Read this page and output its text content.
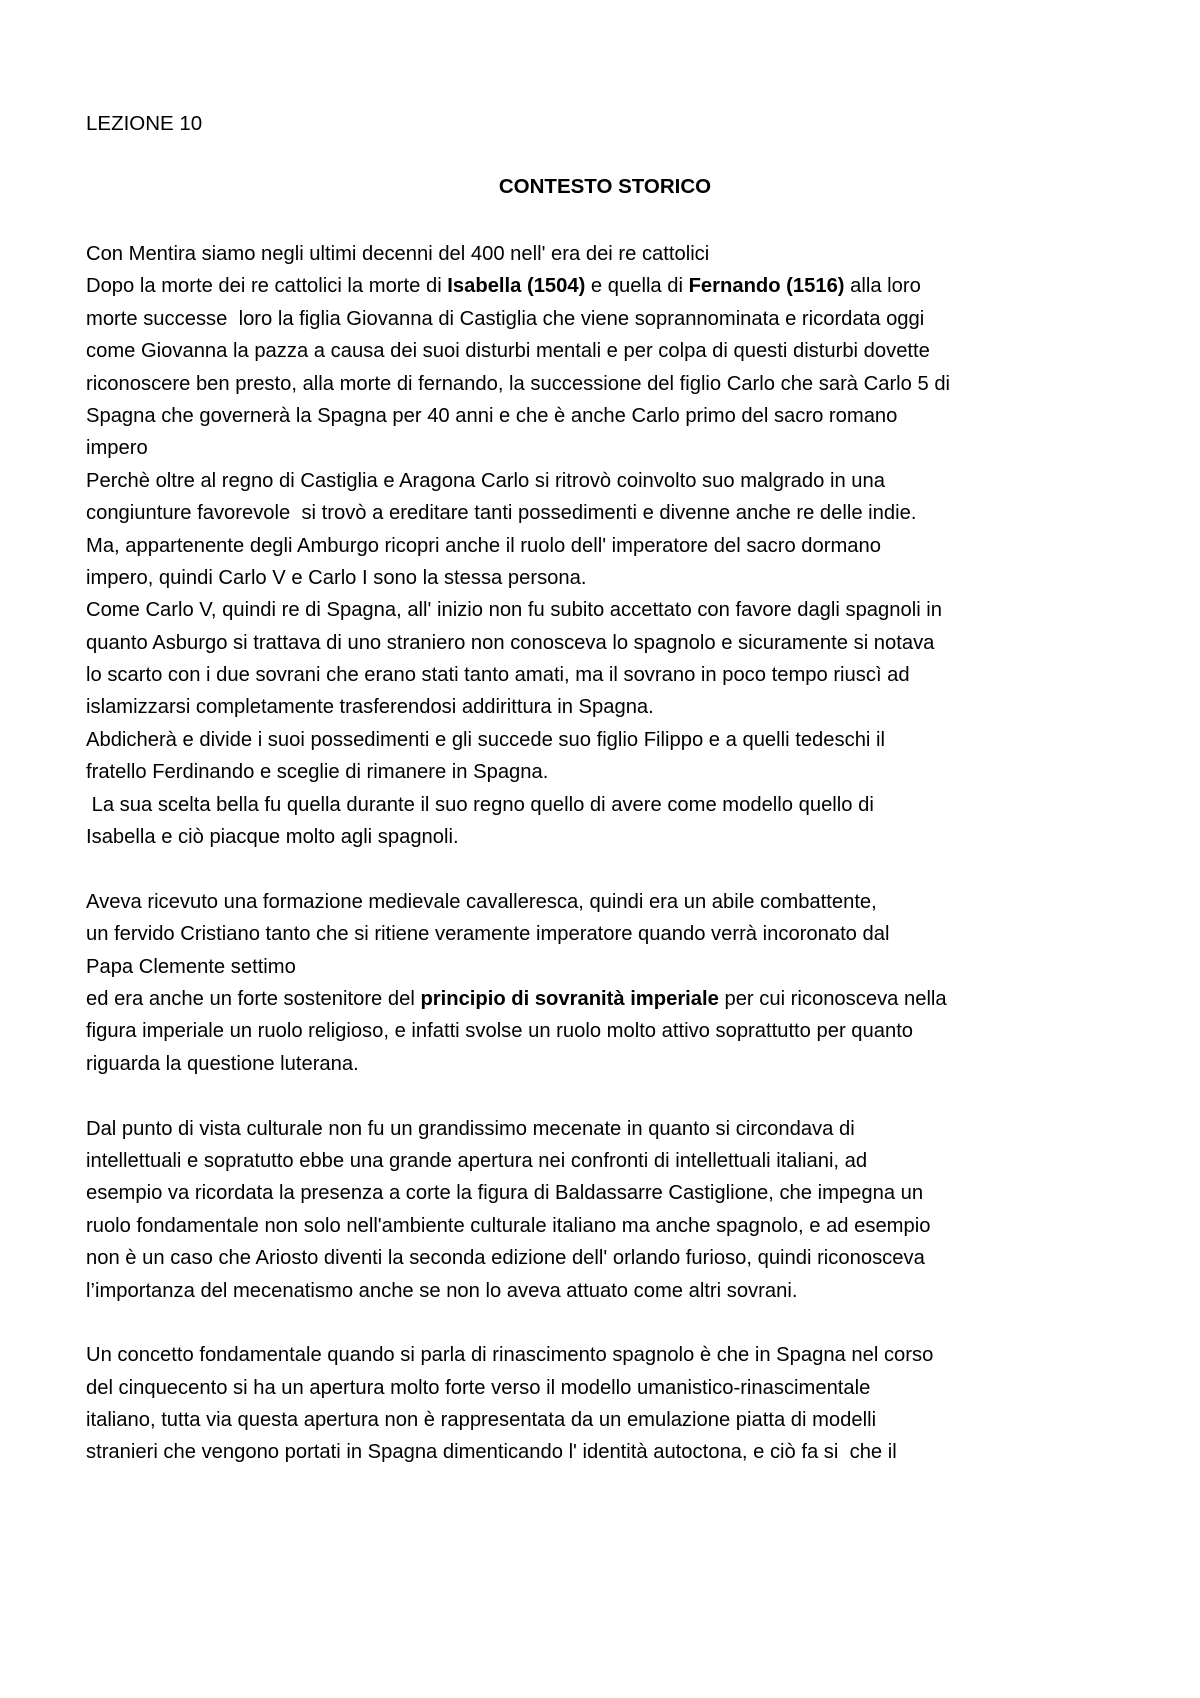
LEZIONE 10
CONTESTO STORICO
Con Mentira siamo negli ultimi decenni del 400 nell' era dei re cattolici
Dopo la morte dei re cattolici la morte di Isabella (1504) e quella di Fernando (1516) alla loro
morte successe  loro la figlia Giovanna di Castiglia che viene soprannominata e ricordata oggi
come Giovanna la pazza a causa dei suoi disturbi mentali e per colpa di questi disturbi dovette
riconoscere ben presto, alla morte di fernando, la successione del figlio Carlo che sarà Carlo 5 di
Spagna che governerà la Spagna per 40 anni e che è anche Carlo primo del sacro romano
impero
Perchè oltre al regno di Castiglia e Aragona Carlo si ritrovò coinvolto suo malgrado in una
congiunture favorevole  si trovò a ereditare tanti possedimenti e divenne anche re delle indie.
Ma, appartenente degli Amburgo ricopri anche il ruolo dell' imperatore del sacro dormano
impero, quindi Carlo V e Carlo I sono la stessa persona.
Come Carlo V, quindi re di Spagna, all' inizio non fu subito accettato con favore dagli spagnoli in
quanto Asburgo si trattava di uno straniero non conosceva lo spagnolo e sicuramente si notava
lo scarto con i due sovrani che erano stati tanto amati, ma il sovrano in poco tempo riuscì ad
islamizzarsi completamente trasferendosi addirittura in Spagna.
Abdicherà e divide i suoi possedimenti e gli succede suo figlio Filippo e a quelli tedeschi il
fratello Ferdinando e sceglie di rimanere in Spagna.
La sua scelta bella fu quella durante il suo regno quello di avere come modello quello di
Isabella e ciò piacque molto agli spagnoli.
Aveva ricevuto una formazione medievale cavalleresca, quindi era un abile combattente,
un fervido Cristiano tanto che si ritiene veramente imperatore quando verrà incoronato dal
Papa Clemente settimo
ed era anche un forte sostenitore del principio di sovranità imperiale per cui riconosceva nella
figura imperiale un ruolo religioso, e infatti svolse un ruolo molto attivo soprattutto per quanto
riguarda la questione luterana.
Dal punto di vista culturale non fu un grandissimo mecenate in quanto si circondava di
intellettuali e sopratutto ebbe una grande apertura nei confronti di intellettuali italiani, ad
esempio va ricordata la presenza a corte la figura di Baldassarre Castiglione, che impegna un
ruolo fondamentale non solo nell'ambiente culturale italiano ma anche spagnolo, e ad esempio
non è un caso che Ariosto diventi la seconda edizione dell' orlando furioso, quindi riconosceva
l’importanza del mecenatismo anche se non lo aveva attuato come altri sovrani.
Un concetto fondamentale quando si parla di rinascimento spagnolo è che in Spagna nel corso
del cinquecento si ha un apertura molto forte verso il modello umanistico-rinascimentale
italiano, tutta via questa apertura non è rappresentata da un emulazione piatta di modelli
stranieri che vengono portati in Spagna dimenticando l' identità autoctona, e ciò fa si  che il
